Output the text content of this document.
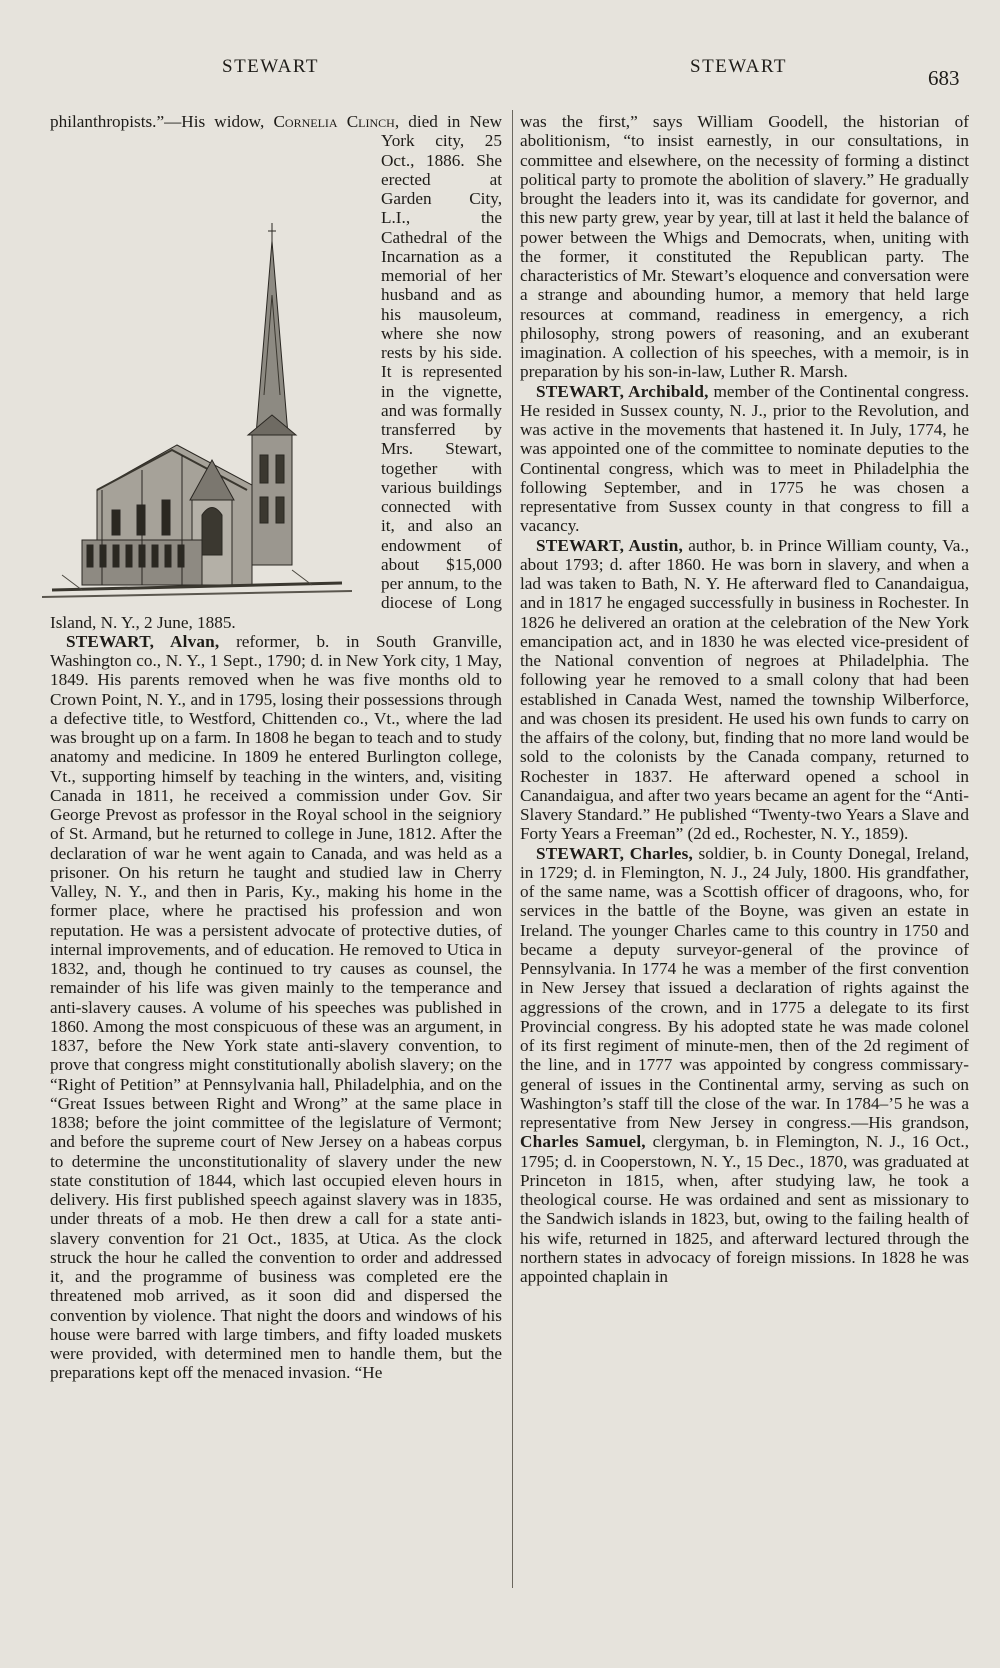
STEWART	STEWART	683

philanthropists.”—His widow, Cornelia Clinch
, died in New York city, 25 Oct., 1886. She erected at Garden City, L.I., the Cathedral of the Incarnation as a memorial of her husband and as his mausoleum, where she now rests by his side. It is represented in the vignette, and was formally transferred by Mrs. Stewart, together with various buildings connected with it, and also an endowment of about $15,000 per annum, to the diocese of Long Island, N. Y., 2 June, 1885.

STEWART, Alvan, reformer, b. in South Granville, Washington co., N. Y., 1 Sept., 1790; d. in New York city, 1 May, 1849. His parents removed when he was five months old to Crown Point, N. Y., and in 1795, losing their possessions through a defective title, to Westford, Chittenden co., Vt., where the lad was brought up on a farm. In 1808 he began to teach and to study anatomy and medicine. In 1809 he entered Burlington college, Vt., supporting himself by teaching in the winters, and, visiting Canada in 1811, he received a commission under Gov. Sir George Prevost as professor in the Royal school in the seigniory of St. Armand, but he returned to college in June, 1812. After the declaration of war he went again to Canada, and was held as a prisoner. On his return he taught and studied law in Cherry Valley, N. Y., and then in Paris, Ky., making his home in the former place, where he practised his profession and won reputation. He was a persistent advocate of protective duties, of internal improvements, and of education. He removed to Utica in 1832, and, though he continued to try causes as counsel, the remainder of his life was given mainly to the temperance and anti-slavery causes. A volume of his speeches was published in 1860. Among the most conspicuous of these was an argument, in 1837, before the New York state anti-slavery convention, to prove that congress might constitutionally abolish slavery; on the “Right of Petition” at Pennsylvania hall, Philadelphia, and on the “Great Issues between Right and Wrong” at the same place in 1838; before the joint committee of the legislature of Vermont; and before the supreme court of New Jersey on a habeas corpus to determine the unconstitutionality of slavery under the new state constitution of 1844, which last occupied eleven hours in delivery. His first published speech against slavery was in 1835, under threats of a mob. He then drew a call for a state anti-slavery convention for 21 Oct., 1835, at Utica. As the clock struck the hour he called the convention to order and addressed it, and the programme of business was completed ere the threatened mob arrived, as it soon did and dispersed the convention by violence. That night the doors and windows of his house were barred with large timbers, and fifty loaded muskets were provided, with determined men to handle them, but the preparations kept off the menaced invasion. “He

was the first,” says William Goodell, the historian of abolitionism, “to insist earnestly, in our consultations, in committee and elsewhere, on the necessity of forming a distinct political party to promote the abolition of slavery.” He gradually brought the leaders into it, was its candidate for governor, and this new party grew, year by year, till at last it held the balance of power between the Whigs and Democrats, when, uniting with the former, it constituted the Republican party. The characteristics of Mr. Stewart’s eloquence and conversation were a strange and abounding humor, a memory that held large resources at command, readiness in emergency, a rich philosophy, strong powers of reasoning, and an exuberant imagination. A collection of his speeches, with a memoir, is in preparation by his son-in-law, Luther R. Marsh.

STEWART, Archibald, member of the Continental congress. He resided in Sussex county, N. J., prior to the Revolution, and was active in the movements that hastened it. In July, 1774, he was appointed one of the committee to nominate deputies to the Continental congress, which was to meet in Philadelphia the following September, and in 1775 he was chosen a representative from Sussex county in that congress to fill a vacancy.

STEWART, Austin, author, b. in Prince William county, Va., about 1793; d. after 1860. He was born in slavery, and when a lad was taken to Bath, N. Y. He afterward fled to Canandaigua, and in 1817 he engaged successfully in business in Rochester. In 1826 he delivered an oration at the celebration of the New York emancipation act, and in 1830 he was elected vice-president of the National convention of negroes at Philadelphia. The following year he removed to a small colony that had been established in Canada West, named the township Wilberforce, and was chosen its president. He used his own funds to carry on the affairs of the colony, but, finding that no more land would be sold to the colonists by the Canada company, returned to Rochester in 1837. He afterward opened a school in Canandaigua, and after two years became an agent for the “Anti-Slavery Standard.” He published “Twenty-two Years a Slave and Forty Years a Freeman” (2d ed., Rochester, N. Y., 1859).

STEWART, Charles, soldier, b. in County Donegal, Ireland, in 1729; d. in Flemington, N. J., 24 July, 1800. His grandfather, of the same name, was a Scottish officer of dragoons, who, for services in the battle of the Boyne, was given an estate in Ireland. The younger Charles came to this country in 1750 and became a deputy surveyor-general of the province of Pennsylvania. In 1774 he was a member of the first convention in New Jersey that issued a declaration of rights against the aggressions of the crown, and in 1775 a delegate to its first Provincial congress. By his adopted state he was made colonel of its first regiment of minute-men, then of the 2d regiment of the line, and in 1777 was appointed by congress commissary-general of issues in the Continental army, serving as such on Washington’s staff till the close of the war. In 1784–’5 he was a representative from New Jersey in congress.—His grandson, Charles Samuel, clergyman, b. in Flemington, N. J., 16 Oct., 1795; d. in Cooperstown, N. Y., 15 Dec., 1870, was graduated at Princeton in 1815, when, after studying law, he took a theological course. He was ordained and sent as missionary to the Sandwich islands in 1823, but, owing to the failing health of his wife, returned in 1825, and afterward lectured through the northern states in advocacy of foreign missions. In 1828 he was appointed chaplain in
